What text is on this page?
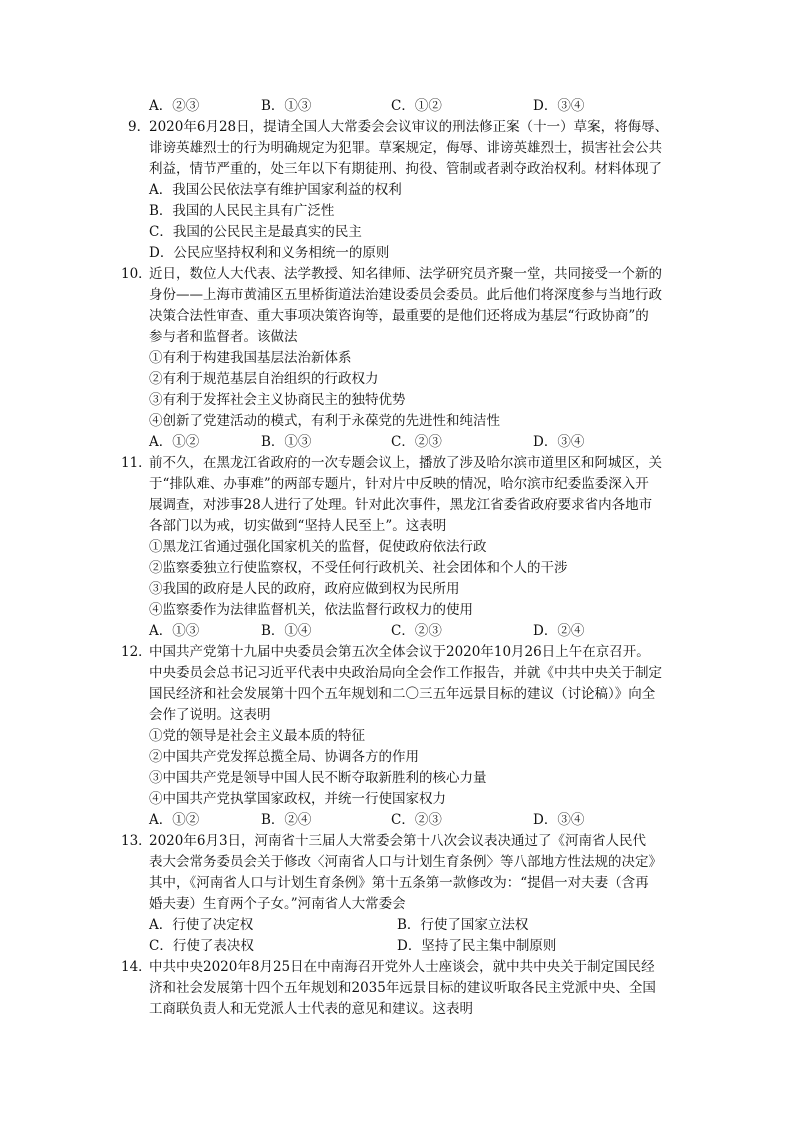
A．②③	B．①③	C．①②	D．③④
9．
2020年6月28日，提请全国人大常委会会议审议的刑法修正案（十一）草案，将侮辱、
诽谤英雄烈士的行为明确规定为犯罪。草案规定，侮辱、诽谤英雄烈士，损害社会公共
利益，情节严重的，处三年以下有期徒刑、拘役、管制或者剥夺政治权利。材料体现了
A．我国公民依法享有维护国家利益的权利
B．我国的人民民主具有广泛性
C．我国的公民民主是最真实的民主
D．公民应坚持权利和义务相统一的原则
10．
近日，数位人大代表、法学教授、知名律师、法学研究员齐聚一堂，共同接受一个新的
身份——上海市黄浦区五里桥街道法治建设委员会委员。此后他们将深度参与当地行政
决策合法性审查、重大事项决策咨询等，最重要的是他们还将成为基层“行政协商”的
参与者和监督者。该做法
①有利于构建我国基层法治新体系
②有利于规范基层自治组织的行政权力
③有利于发挥社会主义协商民主的独特优势
④创新了党建活动的模式，有利于永葆党的先进性和纯洁性
A．①②	B．①③	C．②③	D．③④
11．
前不久，在黑龙江省政府的一次专题会议上，播放了涉及哈尔滨市道里区和阿城区，关
于“排队难、办事难”的两部专题片，针对片中反映的情况，哈尔滨市纪委监委深入开
展调查，对涉事28人进行了处理。针对此次事件，黑龙江省委省政府要求省内各地市
各部门以为戒，切实做到“坚持人民至上”。这表明
①黑龙江省通过强化国家机关的监督，促使政府依法行政
②监察委独立行使监察权，不受任何行政机关、社会团体和个人的干涉
③我国的政府是人民的政府，政府应做到权为民所用
④监察委作为法律监督机关，依法监督行政权力的使用
A．①③	B．①④	C．②③	D．②④
12．
中国共产党第十九届中央委员会第五次全体会议于2020年10月26日上午在京召开。
中央委员会总书记习近平代表中央政治局向全会作工作报告，并就《中共中央关于制定
国民经济和社会发展第十四个五年规划和二〇三五年远景目标的建议（讨论稿）》向全
会作了说明。这表明
①党的领导是社会主义最本质的特征
②中国共产党发挥总揽全局、协调各方的作用
③中国共产党是领导中国人民不断夺取新胜利的核心力量
④中国共产党执掌国家政权，并统一行使国家权力
A．①②	B．②④	C．②③	D．③④
13．
2020年6月3日，河南省十三届人大常委会第十八次会议表决通过了《河南省人民代
表大会常务委员会关于修改〈河南省人口与计划生育条例〉等八部地方性法规的决定》
其中，《河南省人口与计划生育条例》第十五条第一款修改为：“提倡一对夫妻（含再
婚夫妻）生育两个子女。”河南省人大常委会
A．行使了决定权	B．行使了国家立法权
C．行使了表决权	D．坚持了民主集中制原则
14．
中共中央2020年8月25日在中南海召开党外人士座谈会，就中共中央关于制定国民经
济和社会发展第十四个五年规划和2035年远景目标的建议听取各民主党派中央、全国
工商联负责人和无党派人士代表的意见和建议。这表明
